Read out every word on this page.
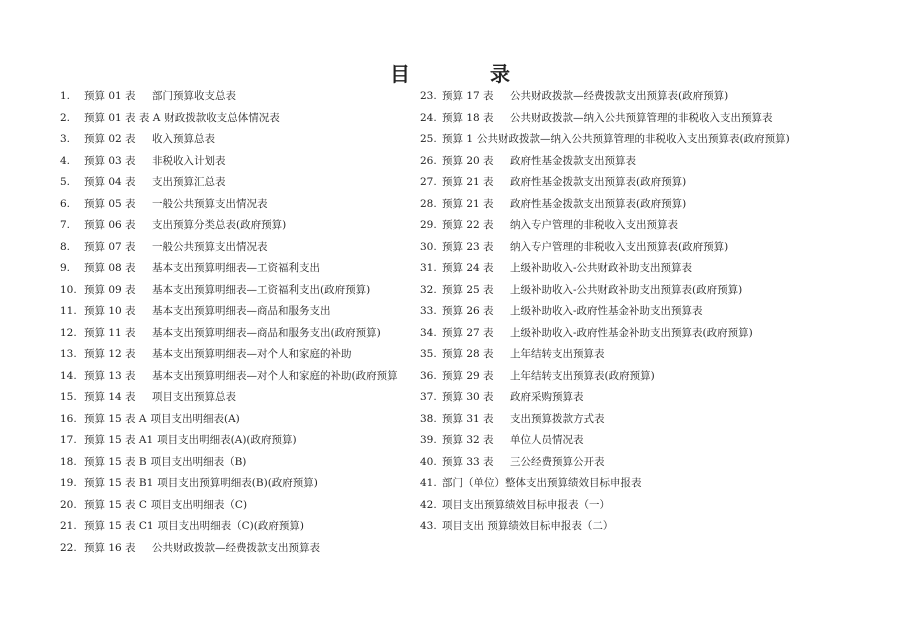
目　录
1. 预算 01 表 部门预算收支总表
2. 预算 01 表 表 A 财政拨款收支总体情况表
3. 预算 02 表 收入预算总表
4. 预算 03 表 非税收入计划表
5. 预算 04 表 支出预算汇总表
6. 预算 05 表 一般公共预算支出情况表
7. 预算 06 表 支出预算分类总表(政府预算)
8. 预算 07 表 一般公共预算支出情况表
9. 预算 08 表 基本支出预算明细表—工资福利支出
10. 预算 09 表 基本支出预算明细表—工资福利支出(政府预算)
11. 预算 10 表 基本支出预算明细表—商品和服务支出
12. 预算 11 表 基本支出预算明细表—商品和服务支出(政府预算)
13. 预算 12 表 基本支出预算明细表—对个人和家庭的补助
14. 预算 13 表 基本支出预算明细表—对个人和家庭的补助(政府预算
15. 预算 14 表 项目支出预算总表
16. 预算 15 表 A 项目支出明细表(A)
17. 预算 15 表 A1 项目支出明细表(A)(政府预算)
18. 预算 15 表 B 项目支出明细表（B)
19. 预算 15 表 B1 项目支出预算明细表(B)(政府预算)
20. 预算 15 表 C 项目支出明细表（C)
21. 预算 15 表 C1 项目支出明细表（C)(政府预算)
22. 预算 16 表 公共财政拨款—经费拨款支出预算表
23. 预算 17 表 公共财政拨款—经费拨款支出预算表(政府预算)
24. 预算 18 表 公共财政拨款—纳入公共预算管理的非税收入支出预算表
25. 预算 1 公共财政拨款—纳入公共预算管理的非税收入支出预算表(政府预算)
26. 预算 20 表 政府性基金拨款支出预算表
27. 预算 21 表 政府性基金拨款支出预算表(政府预算)
28. 预算 21 表 政府性基金拨款支出预算表(政府预算)
29. 预算 22 表 纳入专户管理的非税收入支出预算表
30. 预算 23 表 纳入专户管理的非税收入支出预算表(政府预算)
31. 预算 24 表 上级补助收入-公共财政补助支出预算表
32. 预算 25 表 上级补助收入-公共财政补助支出预算表(政府预算)
33. 预算 26 表 上级补助收入-政府性基金补助支出预算表
34. 预算 27 表 上级补助收入-政府性基金补助支出预算表(政府预算)
35. 预算 28 表 上年结转支出预算表
36. 预算 29 表 上年结转支出预算表(政府预算)
37. 预算 30 表 政府采购预算表
38. 预算 31 表 支出预算拨款方式表
39. 预算 32 表 单位人员情况表
40. 预算 33 表 三公经费预算公开表
41. 部门（单位）整体支出预算绩效目标申报表
42. 项目支出预算绩效目标申报表（一）
43. 项目支出 预算绩效目标申报表（二）
